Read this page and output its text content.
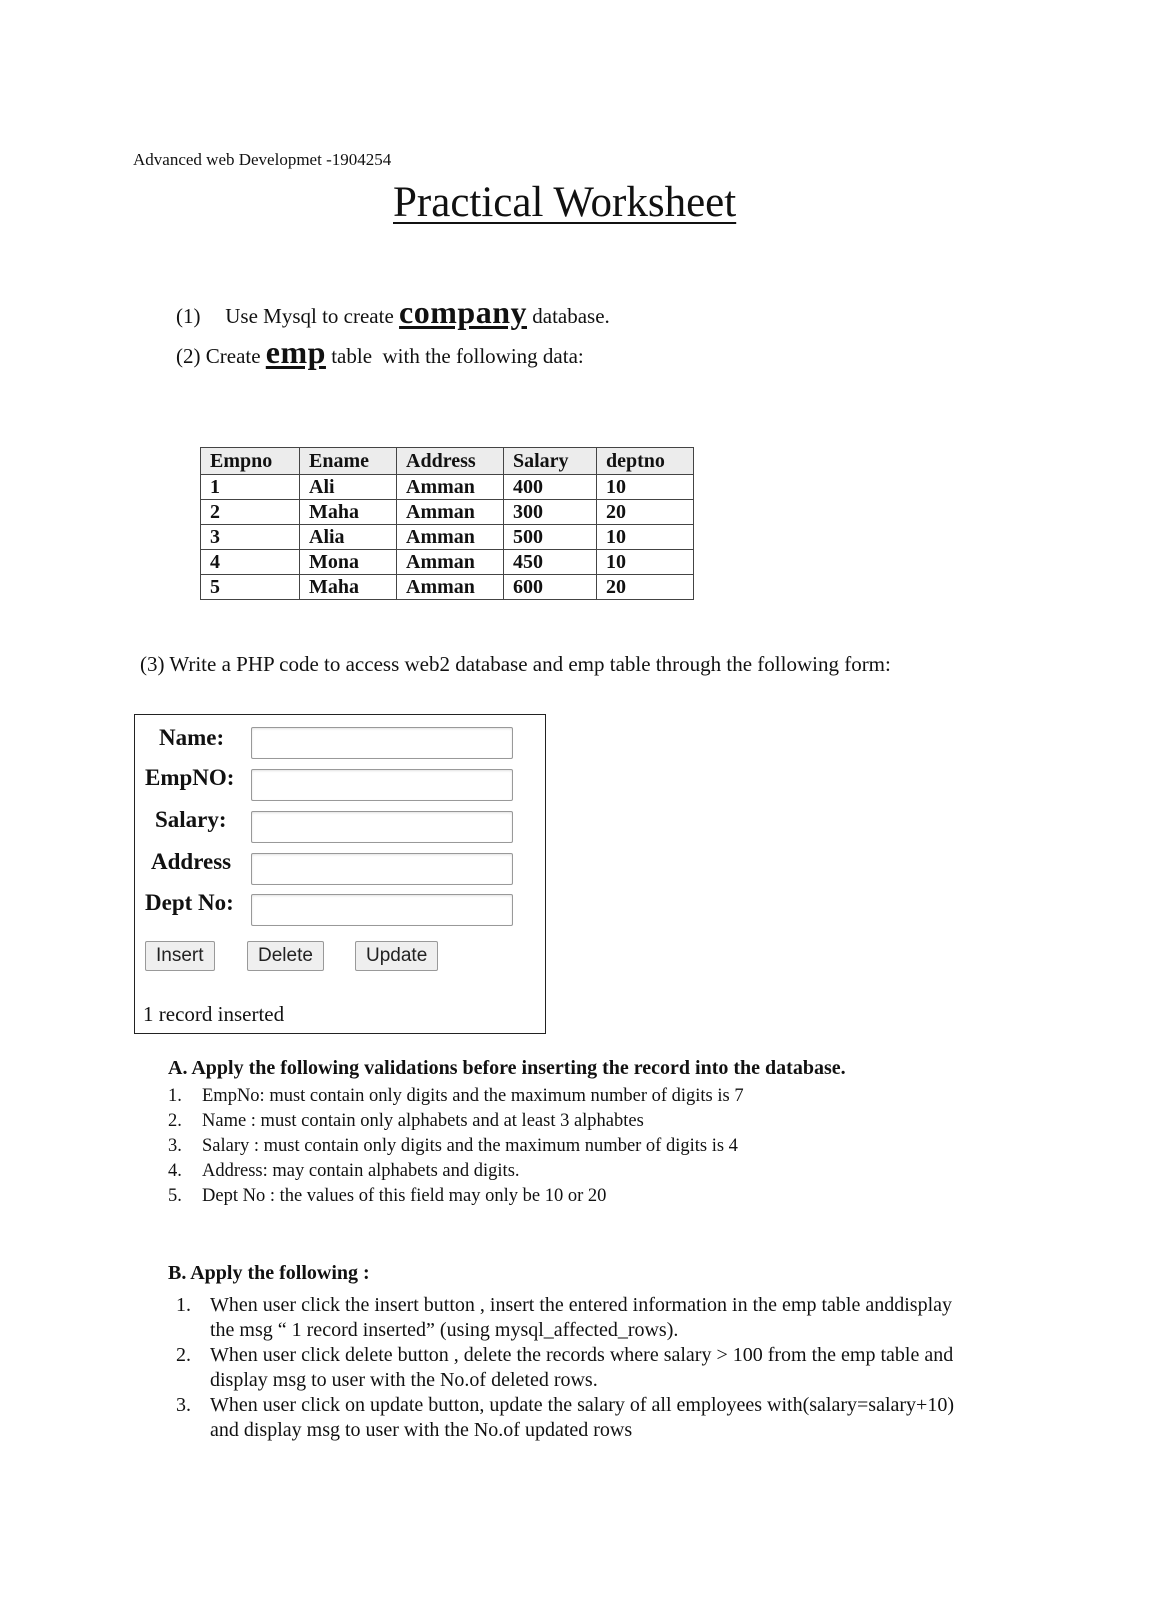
Advanced web Developmet -1904254
Practical Worksheet
(1) Use Mysql to create company database.
(2) Create emp table  with the following data:
Empno	Ename	Address	Salary	deptno
1	Ali	Amman	400	10
2	Maha	Amman	300	20
3	Alia	Amman	500	10
4	Mona	Amman	450	10
5	Maha	Amman	600	20
(3) Write a PHP code to access web2 database and emp table through the following form:
Name:
EmpNO:
Salary:
Address
Dept No:
Insert	Delete	Update
1 record inserted
A. Apply the following validations before inserting the record into the database.
1. EmpNo: must contain only digits and the maximum number of digits is 7
2. Name : must contain only alphabets and at least 3 alphabtes
3. Salary : must contain only digits and the maximum number of digits is 4
4. Address: may contain alphabets and digits.
5. Dept No : the values of this field may only be 10 or 20
B. Apply the following :
1. When user click the insert button , insert the entered information in the emp table anddisplay the msg “ 1 record inserted” (using mysql_affected_rows).
2. When user click delete button , delete the records where salary > 100 from the emp table and display msg to user with the No.of deleted rows.
3. When user click on update button, update the salary of all employees with(salary=salary+10) and display msg to user with the No.of updated rows
